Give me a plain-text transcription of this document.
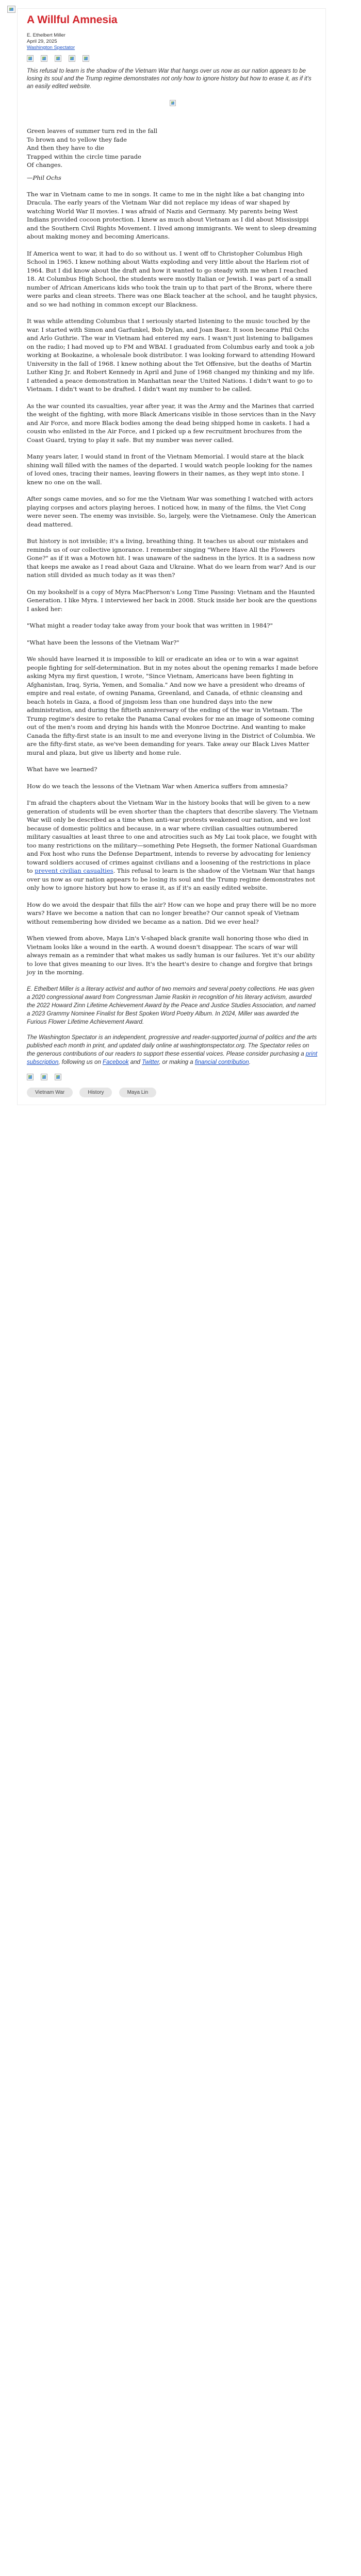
A Willful Amnesia
E. Ethelbert Miller
April 29, 2025
Washington Spectator

This refusal to learn is the shadow of the Vietnam War that hangs over us now as our nation appears to be losing its soul and the Trump regime demonstrates not only how to ignore history but how to erase it, as if it's an easily edited website.

Green leaves of summer turn red in the fall
To brown and to yellow they fade
And then they have to die
Trapped within the circle time parade
Of changes.
—Phil Ochs

The war in Vietnam came to me in songs. It came to me in the night like a bat changing into Dracula. The early years of the Vietnam War did not replace my ideas of war shaped by watching World War II movies. I was afraid of Nazis and Germany. My parents being West Indians provided cocoon protection. I knew as much about Vietnam as I did about Mississippi and the Southern Civil Rights Movement. I lived among immigrants. We went to sleep dreaming about making money and becoming Americans.

If America went to war, it had to do so without us. I went off to Christopher Columbus High School in 1965. I knew nothing about Watts exploding and very little about the Harlem riot of 1964. But I did know about the draft and how it wanted to go steady with me when I reached 18. At Columbus High School, the students were mostly Italian or Jewish. I was part of a small number of African Americans kids who took the train up to that part of the Bronx, where there were parks and clean streets. There was one Black teacher at the school, and he taught physics, and so we had nothing in common except our Blackness.

It was while attending Columbus that I seriously started listening to the music touched by the war. I started with Simon and Garfunkel, Bob Dylan, and Joan Baez. It soon became Phil Ochs and Arlo Guthrie. The war in Vietnam had entered my ears. I wasn't just listening to ballgames on the radio; I had moved up to FM and WBAI. I graduated from Columbus early and took a job working at Bookazine, a wholesale book distributor. I was looking forward to attending Howard University in the fall of 1968. I knew nothing about the Tet Offensive, but the deaths of Martin Luther King Jr. and Robert Kennedy in April and June of 1968 changed my thinking and my life. I attended a peace demonstration in Manhattan near the United Nations. I didn't want to go to Vietnam. I didn't want to be drafted. I didn't want my number to be called.

As the war counted its casualties, year after year, it was the Army and the Marines that carried the weight of the fighting, with more Black Americans visible in those services than in the Navy and Air Force, and more Black bodies among the dead being shipped home in caskets. I had a cousin who enlisted in the Air Force, and I picked up a few recruitment brochures from the Coast Guard, trying to play it safe. But my number was never called.

Many years later, I would stand in front of the Vietnam Memorial. I would stare at the black shining wall filled with the names of the departed. I would watch people looking for the names of loved ones, tracing their names, leaving flowers in their names, as they wept into stone. I knew no one on the wall.

After songs came movies, and so for me the Vietnam War was something I watched with actors playing corpses and actors playing heroes. I noticed how, in many of the films, the Viet Cong were never seen. The enemy was invisible. So, largely, were the Vietnamese. Only the American dead mattered.

But history is not invisible; it's a living, breathing thing. It teaches us about our mistakes and reminds us of our collective ignorance. I remember singing "Where Have All the Flowers Gone?" as if it was a Motown hit. I was unaware of the sadness in the lyrics. It is a sadness now that keeps me awake as I read about Gaza and Ukraine. What do we learn from war? And is our nation still divided as much today as it was then?

On my bookshelf is a copy of Myra MacPherson's Long Time Passing: Vietnam and the Haunted Generation. I like Myra. I interviewed her back in 2008. Stuck inside her book are the questions I asked her:

"What might a reader today take away from your book that was written in 1984?"

"What have been the lessons of the Vietnam War?"

We should have learned it is impossible to kill or eradicate an idea or to win a war against people fighting for self-determination. But in my notes about the opening remarks I made before asking Myra my first question, I wrote, "Since Vietnam, Americans have been fighting in Afghanistan, Iraq, Syria, Yemen, and Somalia." And now we have a president who dreams of empire and real estate, of owning Panama, Greenland, and Canada, of ethnic cleansing and beach hotels in Gaza, a flood of jingoism less than one hundred days into the new administration, and during the fiftieth anniversary of the ending of the war in Vietnam. The Trump regime's desire to retake the Panama Canal evokes for me an image of someone coming out of the men's room and drying his hands with the Monroe Doctrine. And wanting to make Canada the fifty-first state is an insult to me and everyone living in the District of Columbia. We are the fifty-first state, as we've been demanding for years. Take away our Black Lives Matter mural and plaza, but give us liberty and home rule.

What have we learned?

How do we teach the lessons of the Vietnam War when America suffers from amnesia?

I'm afraid the chapters about the Vietnam War in the history books that will be given to a new generation of students will be even shorter than the chapters that describe slavery. The Vietnam War will only be described as a time when anti-war protests weakened our nation, and we lost because of domestic politics and because, in a war where civilian casualties outnumbered military casualties at least three to one and atrocities such as My Lai took place, we fought with too many restrictions on the military—something Pete Hegseth, the former National Guardsman and Fox host who runs the Defense Department, intends to reverse by advocating for leniency toward soldiers accused of crimes against civilians and a loosening of the restrictions in place to prevent civilian casualties. This refusal to learn is the shadow of the Vietnam War that hangs over us now as our nation appears to be losing its soul and the Trump regime demonstrates not only how to ignore history but how to erase it, as if it's an easily edited website.

How do we avoid the despair that fills the air? How can we hope and pray there will be no more wars? Have we become a nation that can no longer breathe? Our cannot speak of Vietnam without remembering how divided we became as a nation. Did we ever heal?

When viewed from above, Maya Lin's V-shaped black granite wall honoring those who died in Vietnam looks like a wound in the earth. A wound doesn't disappear. The scars of war will always remain as a reminder that what makes us sadly human is our failures. Yet it's our ability to love that gives meaning to our lives. It's the heart's desire to change and forgive that brings joy in the morning.

E. Ethelbert Miller is a literary activist and author of two memoirs and several poetry collections. He was given a 2020 congressional award from Congressman Jamie Raskin in recognition of his literary activism, awarded the 2022 Howard Zinn Lifetime Achievement Award by the Peace and Justice Studies Association, and named a 2023 Grammy Nominee Finalist for Best Spoken Word Poetry Album. In 2024, Miller was awarded the Furious Flower Lifetime Achievement Award.

The Washington Spectator is an independent, progressive and reader-supported journal of politics and the arts published each month in print, and updated daily online at washingtonspectator.org. The Spectator relies on the generous contributions of our readers to support these essential voices. Please consider purchasing a print subscription, following us on Facebook and Twitter, or making a financial contribution.

Vietnam War	History	Maya Lin
